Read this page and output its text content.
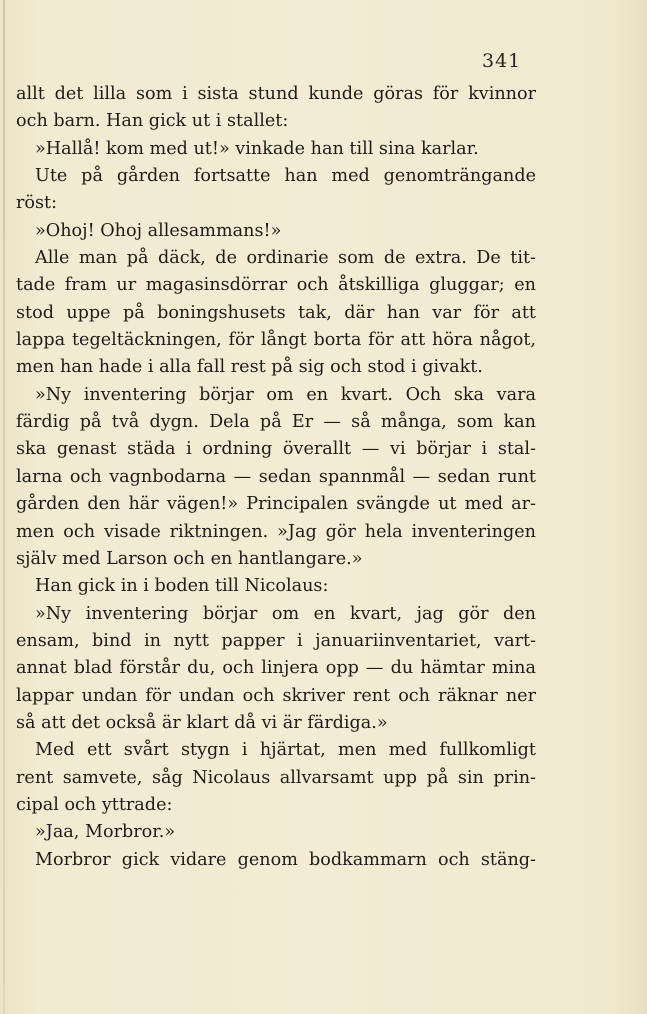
341
allt det lilla som i sista stund kunde göras för kvinnor
och barn. Han gick ut i stallet:
»Hallå! kom med ut!» vinkade han till sina karlar.
Ute på gården fortsatte han med genomträngande
röst:
»Ohoj! Ohoj allesammans!»
Alle man på däck, de ordinarie som de extra. De tit-
tade fram ur magasinsdörrar och åtskilliga gluggar; en
stod uppe på boningshusets tak, där han var för att
lappa tegeltäckningen, för långt borta för att höra något,
men han hade i alla fall rest på sig och stod i givakt.
»Ny inventering börjar om en kvart. Och ska vara
färdig på två dygn. Dela på Er — så många, som kan
ska genast städa i ordning överallt — vi börjar i stal-
larna och vagnbodarna — sedan spannmål — sedan runt
gården den här vägen!» Principalen svängde ut med ar-
men och visade riktningen. »Jag gör hela inventeringen
själv med Larson och en hantlangare.»
Han gick in i boden till Nicolaus:
»Ny inventering börjar om en kvart, jag gör den
ensam, bind in nytt papper i januariinventariet, vart-
annat blad förstår du, och linjera opp — du hämtar mina
lappar undan för undan och skriver rent och räknar ner
så att det också är klart då vi är färdiga.»
Med ett svårt stygn i hjärtat, men med fullkomligt
rent samvete, såg Nicolaus allvarsamt upp på sin prin-
cipal och yttrade:
»Jaa, Morbror.»
Morbror gick vidare genom bodkammarn och stäng-
